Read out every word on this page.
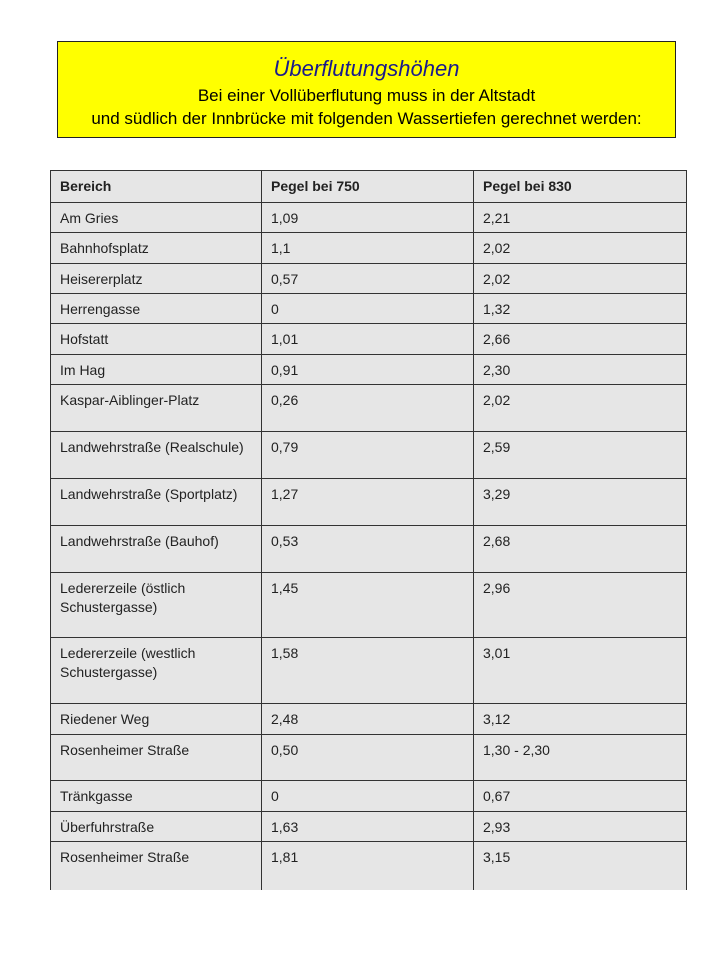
Überflutungshöhen
Bei einer Vollüberflutung muss in der Altstadt
und südlich der Innbrücke mit folgenden Wassertiefen gerechnet werden:
Bereich	Pegel bei 750	Pegel bei 830
Am Gries	1,09	2,21
Bahnhofsplatz	1,1	2,02
Heisererplatz	0,57	2,02
Herrengasse	0	1,32
Hofstatt	1,01	2,66
Im Hag	0,91	2,30
Kaspar-Aiblinger-Platz	0,26	2,02
Landwehrstraße (Realschule)	0,79	2,59
Landwehrstraße (Sportplatz)	1,27	3,29
Landwehrstraße (Bauhof)	0,53	2,68
Ledererzeile (östlich Schustergasse)	1,45	2,96
Ledererzeile (westlich Schustergasse)	1,58	3,01
Riedener Weg	2,48	3,12
Rosenheimer Straße	0,50	1,30 - 2,30
Tränkgasse	0	0,67
Überfuhrstraße	1,63	2,93
Rosenheimer Straße	1,81	3,15
